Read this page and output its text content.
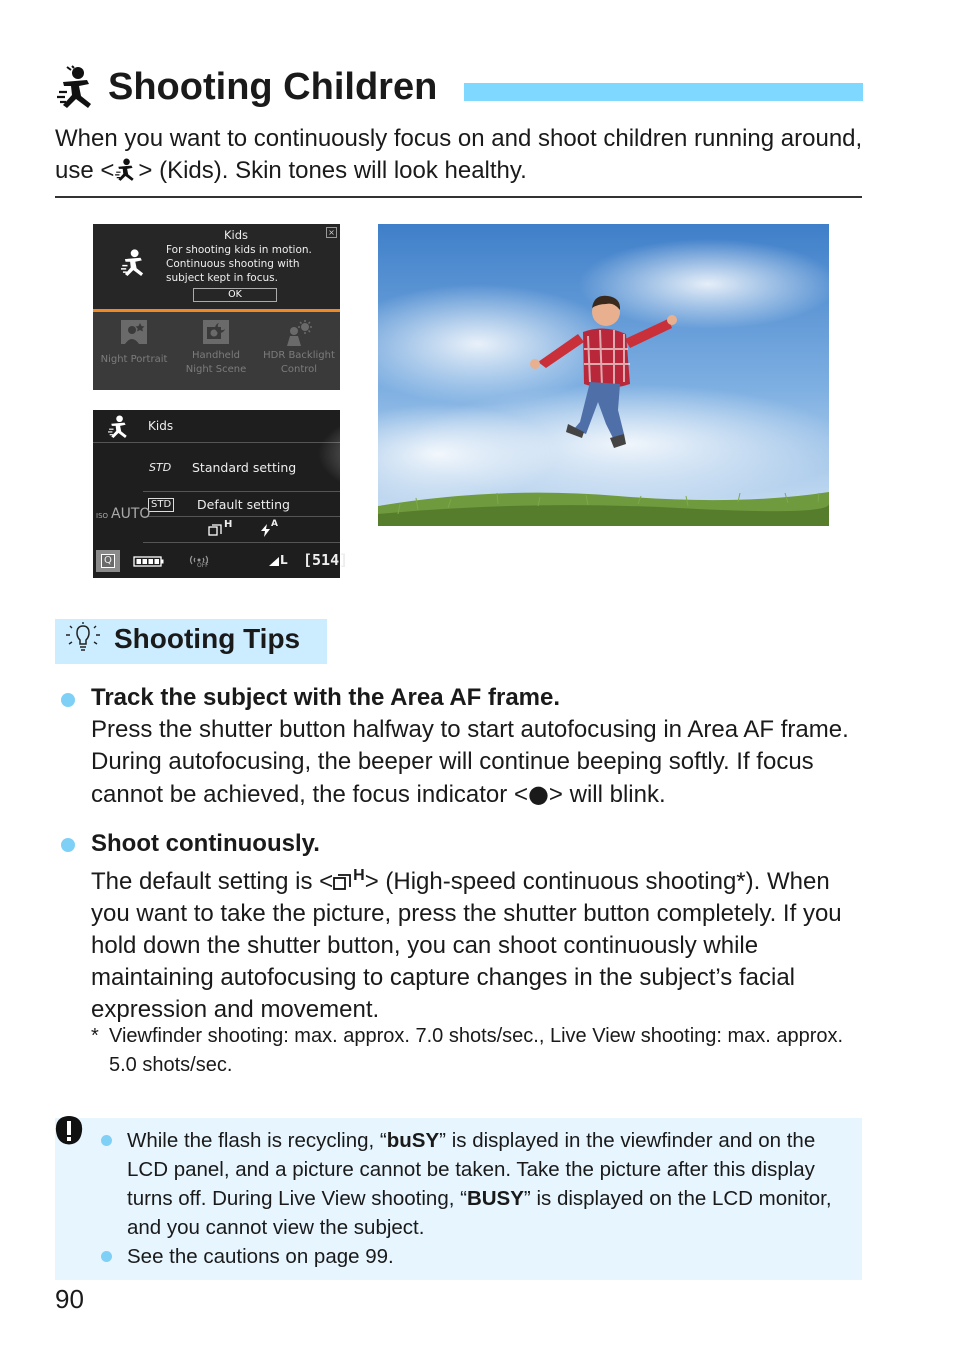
Shooting Children

When you want to continuously focus on and shoot children running around, use < > (Kids). Skin tones will look healthy.

Kids
For shooting kids in motion.
Continuous shooting with
subject kept in focus.
OK
×
Night Portrait	Handheld
Night Scene
HDR Backlight
Control
Kids
STD Standard setting
STD Default setting
ISO AUTO
H	A
Q	OFF	L [514]
Shooting Tips

Track the subject with the Area AF frame.

Press the shutter button halfway to start autofocusing in Area AF frame. During autofocusing, the beeper will continue beeping softly. If focus cannot be achieved, the focus indicator <●> will blink.

Shoot continuously.

The default setting is < $^H$> (High-speed continuous shooting*). When you want to take the picture, press the shutter button completely. If you hold down the shutter button, you can shoot continuously while maintaining autofocusing to capture changes in the subject’s facial expression and movement.

* Viewfinder shooting: max. approx. 7.0 shots/sec., Live View shooting: max. approx. 5.0 shots/sec.

While the flash is recycling, “buSY” is displayed in the viewfinder and on the LCD panel, and a picture cannot be taken. Take the picture after this display turns off. During Live View shooting, “BUSY” is displayed on the LCD monitor, and you cannot view the subject.

See the cautions on page 99.

90
